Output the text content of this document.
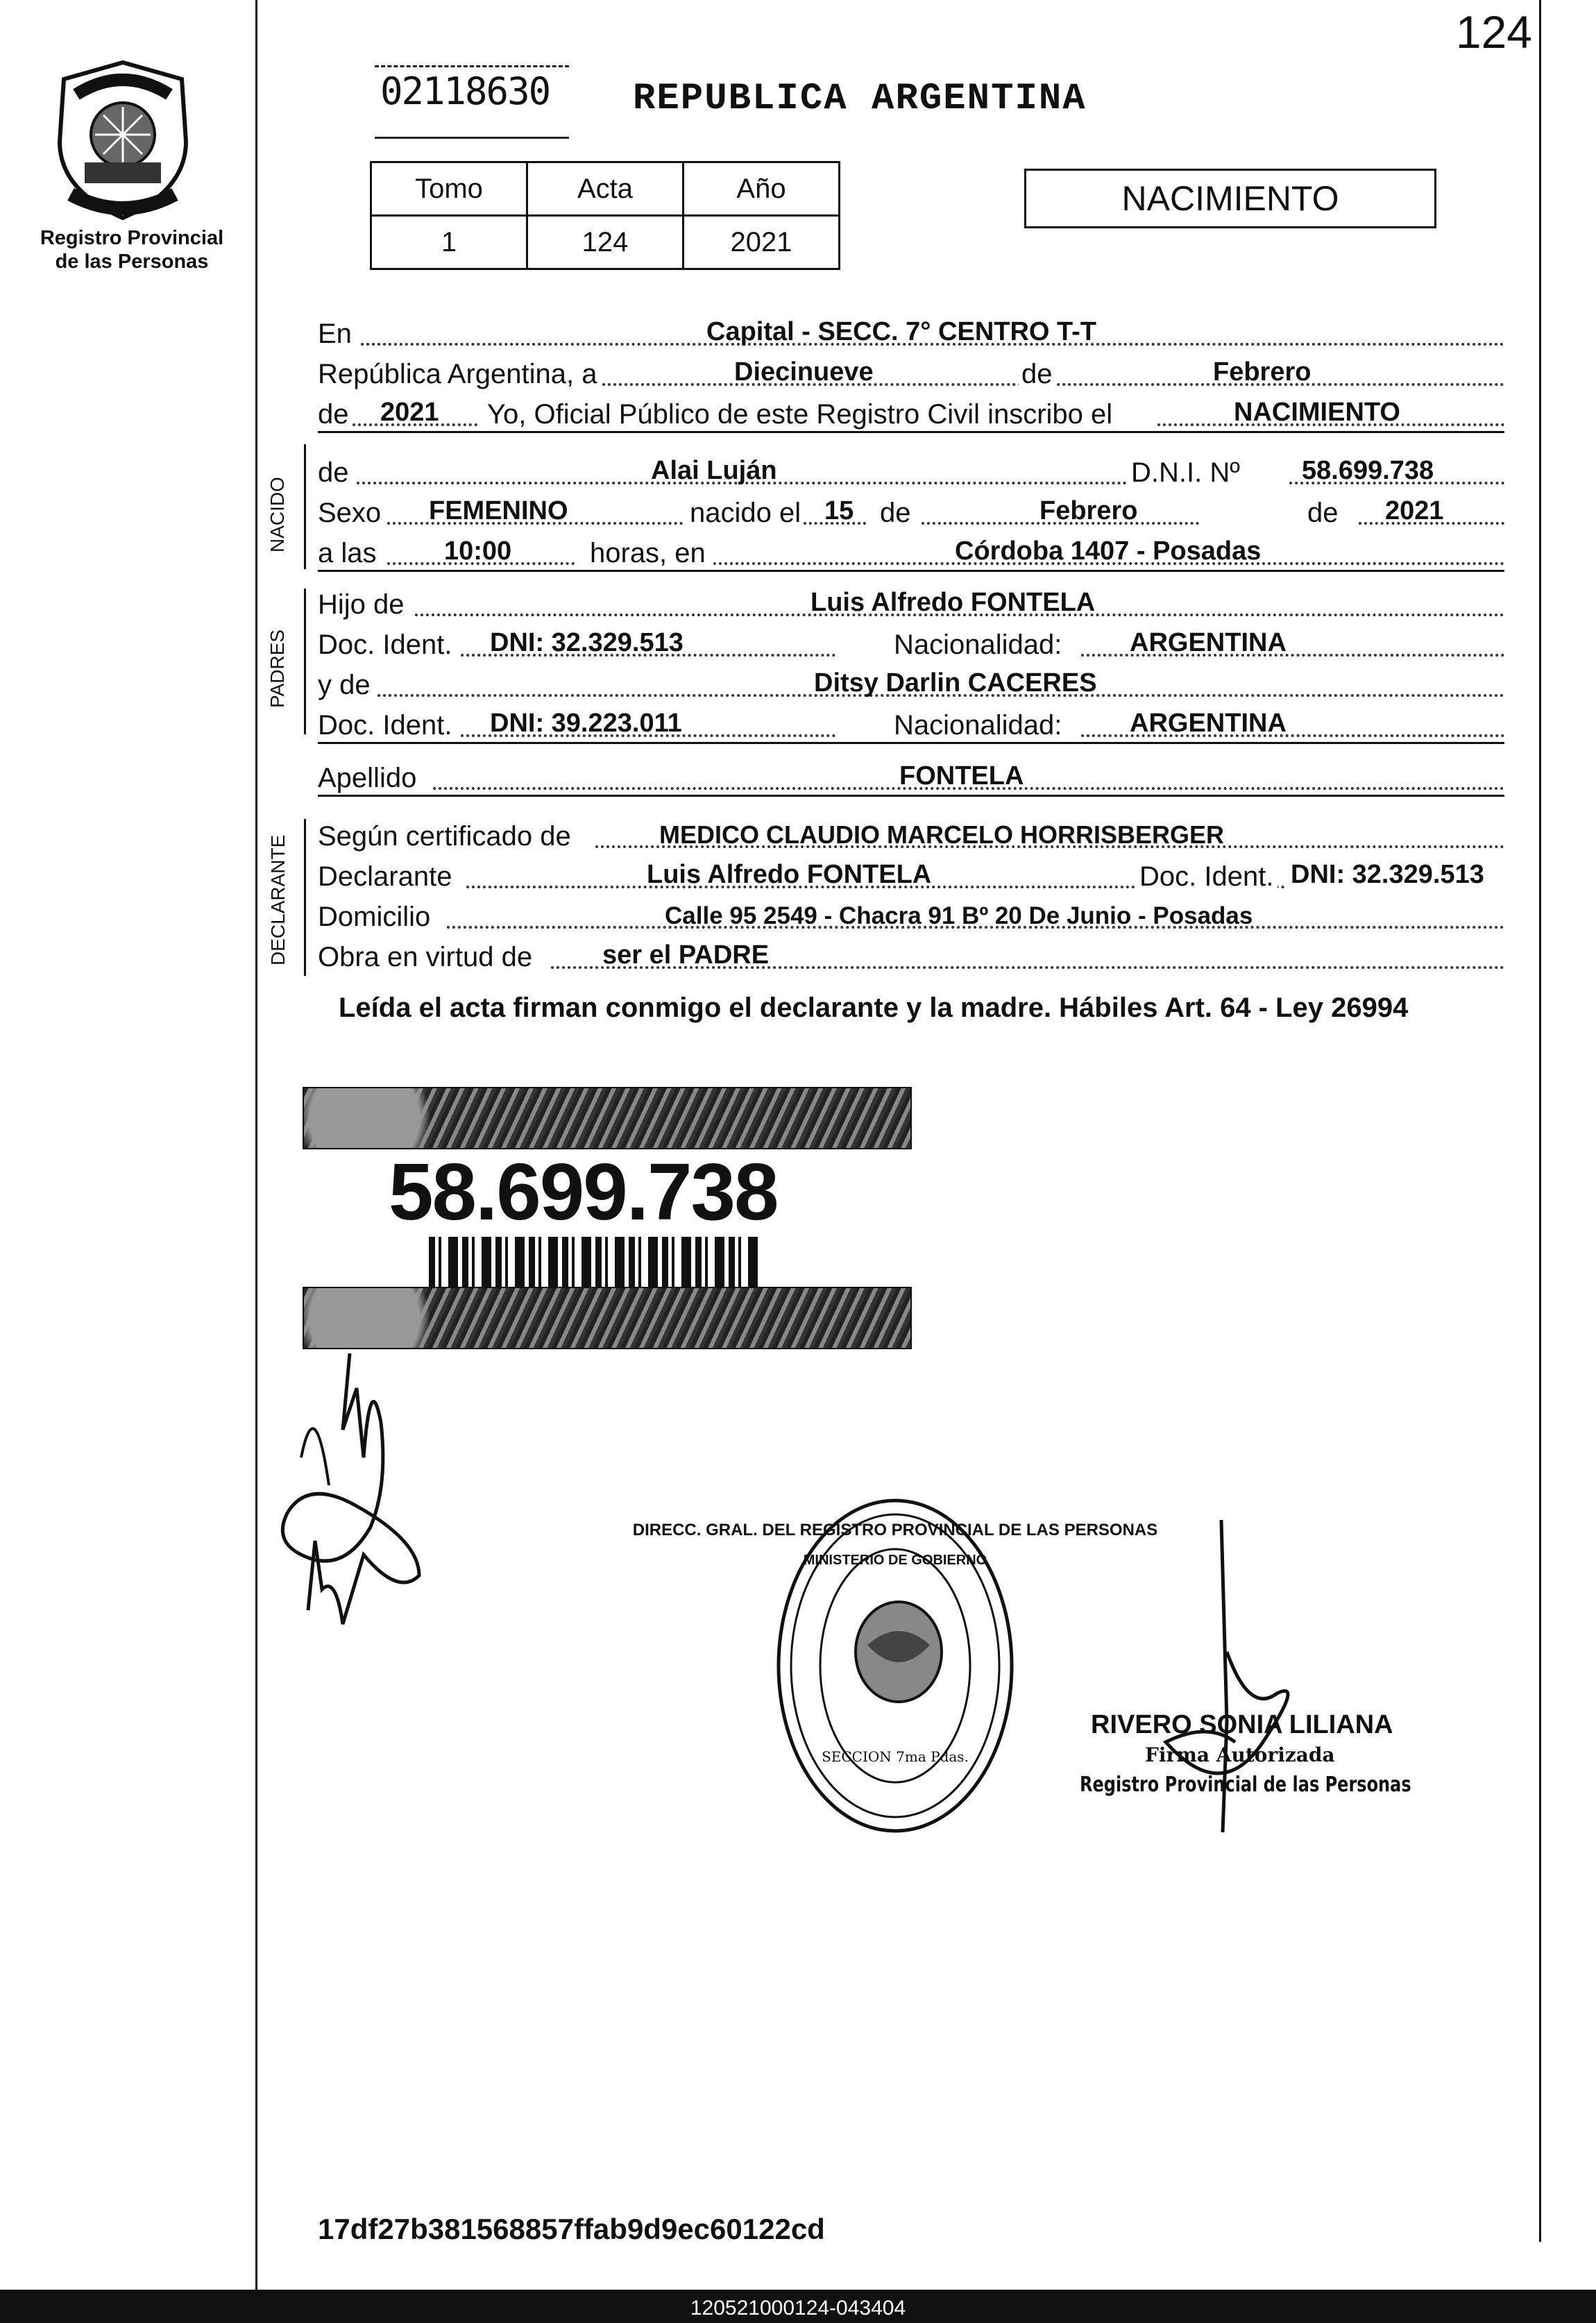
124
Registro Provincial
de las Personas
02118630 REPUBLICA ARGENTINA
Tomo	Acta	Año
1	124	2021
NACIMIENTO
En	Capital - SECC. 7° CENTRO T-T
República Argentina, a	Diecinueve	de	Febrero
de 2021 Yo, Oficial Público de este Registro Civil inscribo el	NACIMIENTO
NACIDO
de	Alai Luján	D.N.I. Nº 58.699.738
Sexo FEMENINO	nacido el 15 de	Febrero	de 2021
a las	10:00	horas, en	Córdoba 1407 - Posadas
PADRES
Hijo de	Luis Alfredo FONTELA
Doc. Ident. DNI: 32.329.513	Nacionalidad:	ARGENTINA
y de	Ditsy Darlin CACERES
Doc. Ident. DNI: 39.223.011	Nacionalidad:	ARGENTINA
Apellido	FONTELA
DECLARANTE Según certificado de	MEDICO CLAUDIO MARCELO HORRISBERGER
Declarante	Luis Alfredo FONTELA	Doc. Ident. DNI: 32.329.513
Domicilio	Calle 95 2549 - Chacra 91 Bº 20 De Junio - Posadas
Obra en virtud de	ser el PADRE
Leída el acta firman conmigo el declarante y la madre. Hábiles Art. 64 - Ley 26994
58.699.738
DIRECC. GRAL. DEL REGISTRO PROVINCIAL DE LAS PERSONAS
MINISTERIO DE GOBIERNO
SECCION 7ma Pdas.
RIVERO SONIA LILIANA
Firma Autorizada
Registro Provincial de las Personas
17df27b381568857ffab9d9ec60122cd
120521000124-043404
